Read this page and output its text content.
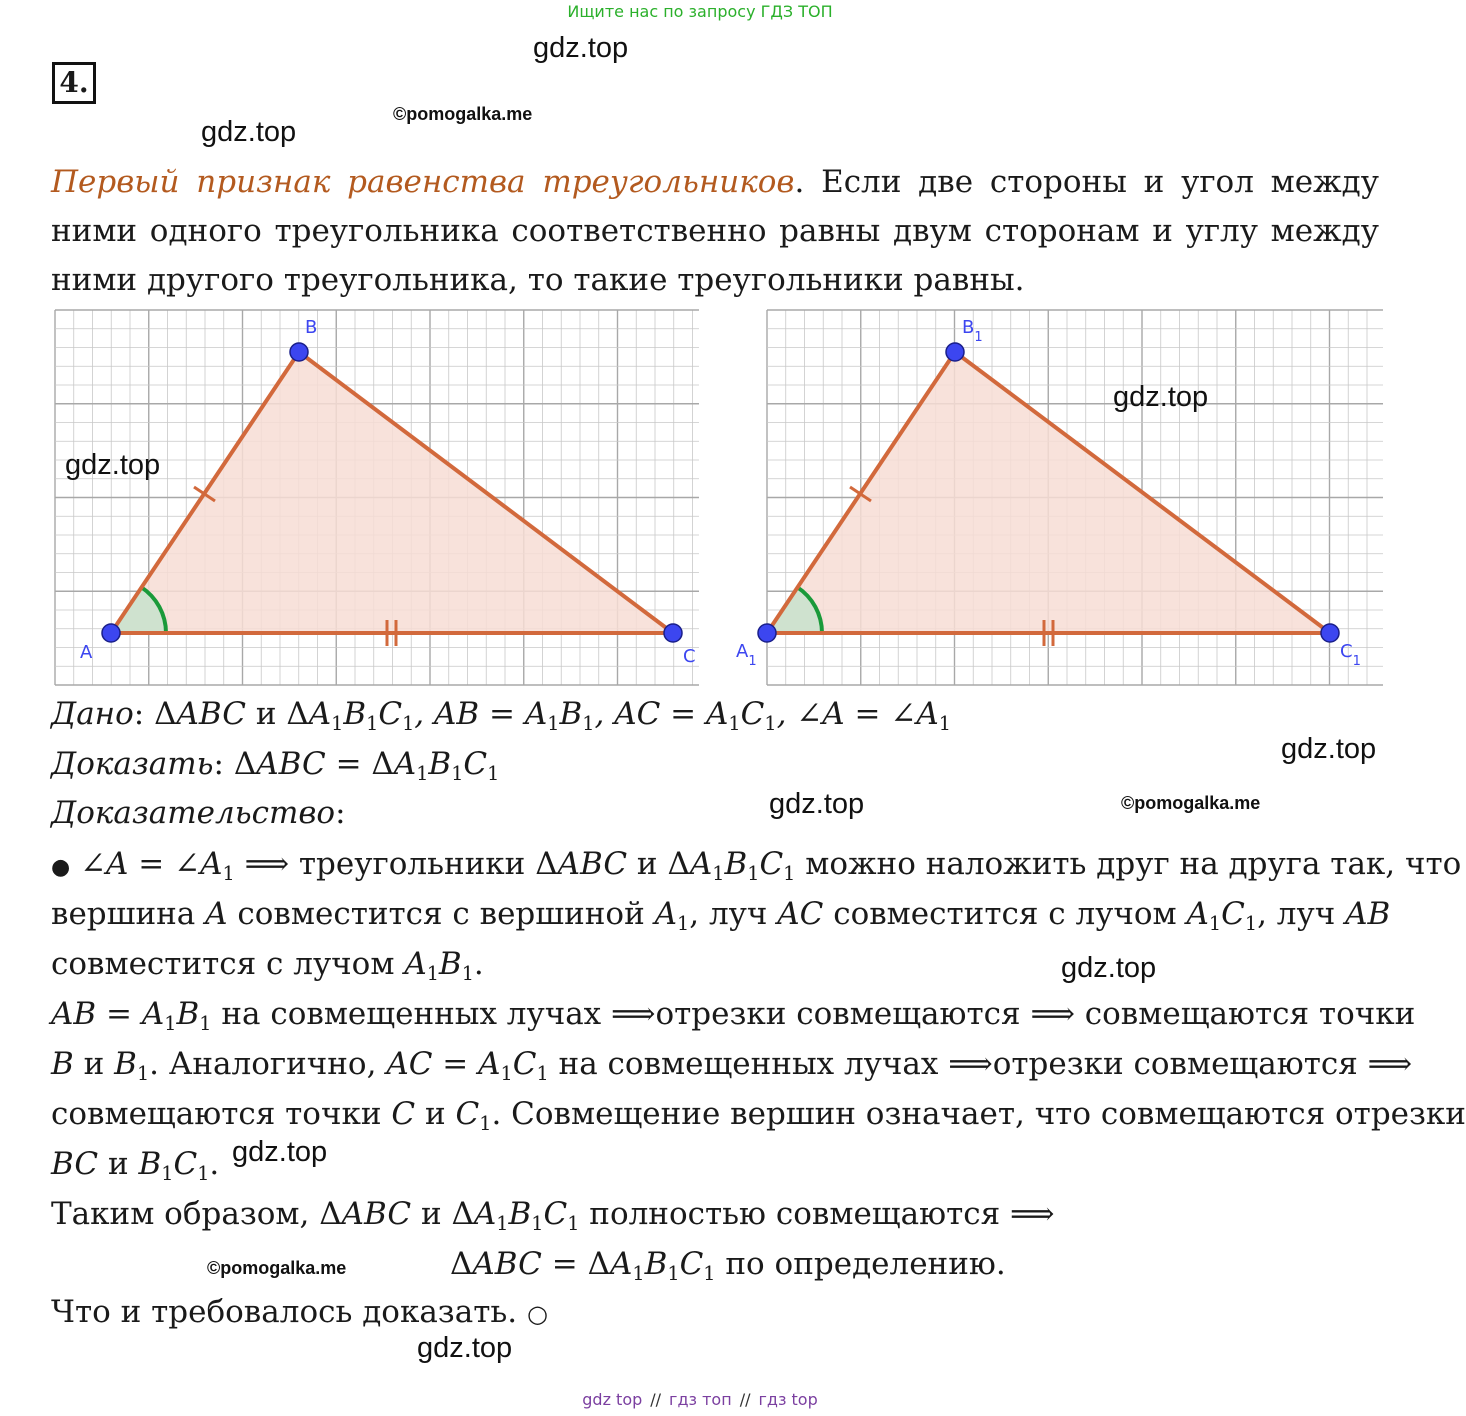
Ищите нас по запросу ГДЗ ТОП
gdz.top
gdz.top
©pomogalka.me
4.
Первый признак равенства треугольников. Если две стороны и угол между ними одного треугольника соответственно равны двум сторонам и углу между ними другого треугольника, то такие треугольники равны.
A
B
C $A_1$
$B_1$
$C_1$
gdz.top
gdz.top
Дано: ΔABC и $\Delta A_1B_1C_1$, AB = $A_1B_1$, AC = $A_1C_1$, ∠A = $\angle A_1$
Доказать: $\Delta ABC = \Delta A_1B_1C_1$
gdz.top
Доказательство:	gdz.top	©pomogalka.me
● ∠A = $\angle A_1$ ⟹ треугольники ΔABC и $\Delta A_1B_1C_1$ можно наложить друг на друга так, что
вершина A совместится с вершиной $A_1$, луч AC совместится с лучом $A_1C_1$, луч AB
совместится с лучом $A_1B_1$.	gdz.top
AB = $A_1B_1$ на совмещенных лучах ⟹отрезки совмещаются ⟹ совмещаются точки
B и $B_1$. Аналогично, AC = $A_1C_1$ на совмещенных лучах ⟹отрезки совмещаются ⟹
совмещаются точки C и $C_1$. Совмещение вершин означает, что совмещаются отрезки
BC и $B_1C_1$. gdz.top
Таким образом, ΔABC и $\Delta A_1B_1C_1$ полностью совмещаются ⟹
$\Delta ABC = \Delta A_1B_1C_1$ по определению.
©pomogalka.me
Что и требовалось доказать. ○
gdz.top
gdz top // гдз топ // гдз top
